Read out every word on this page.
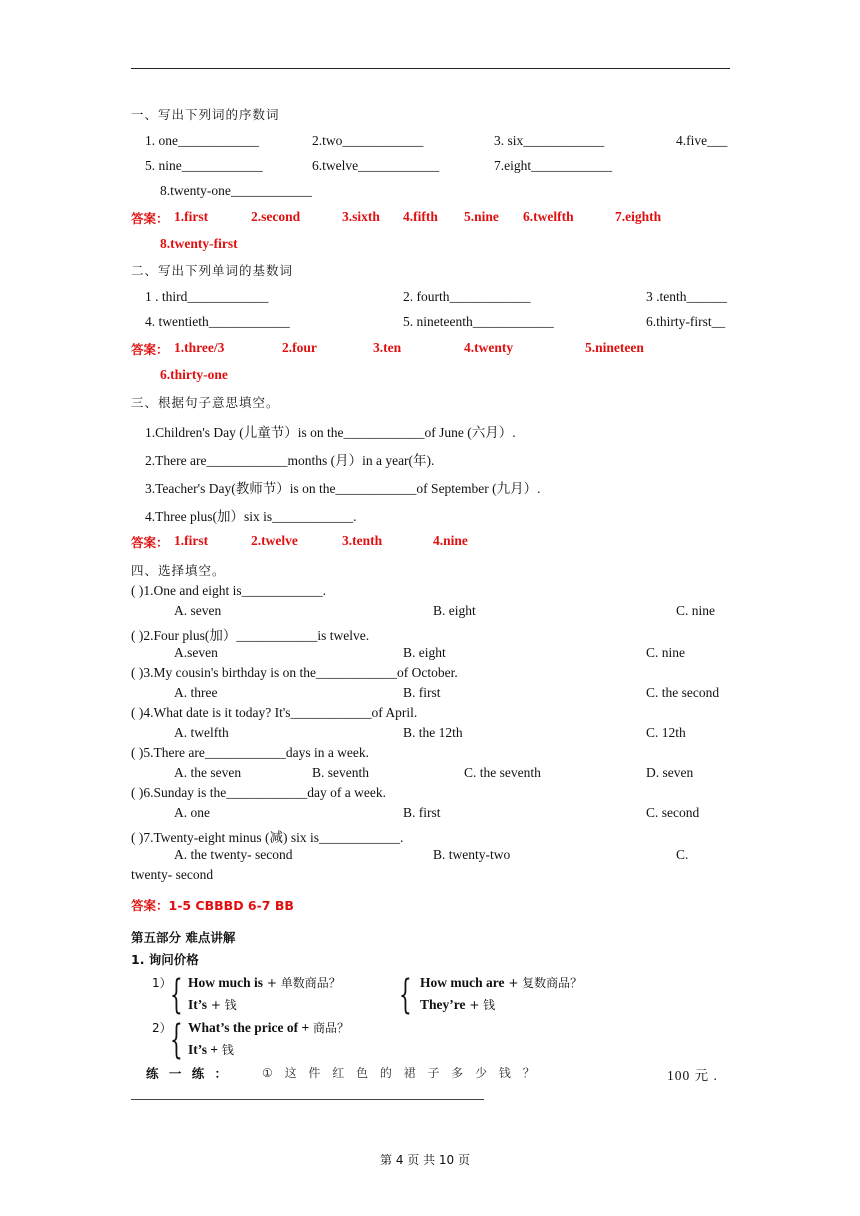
一、写出下列词的序数词
1. one____________	2.two____________	3. six____________	4.five___
5. nine____________	6.twelve____________	7.eight____________
8.twenty-one____________
答案： 1.first	2.second	3.sixth 4.fifth 5.nine 6.twelfth	7.eighth
8.twenty-first
二、写出下列单词的基数词
1 . third____________	2. fourth____________	3 .tenth______
4. twentieth____________	5. nineteenth____________	6.thirty-first__
答案： 1.three/3	2.four	3.ten	4.twenty	5.nineteen
6.thirty-one
三、根据句子意思填空。
1.Children's Day (儿童节）is on the____________of June (六月）.
2.There are____________months (月）in a year(年).
3.Teacher's Day(教师节）is on the____________of September (九月）.
4.Three plus(加）six is____________.
答案： 1.first	2.twelve	3.tenth	4.nine
四、选择填空。
( )1.One and eight is____________.
A. seven	B. eight	C. nine
( )2.Four plus(加）____________is twelve.
A.seven	B. eight	C. nine
( )3.My cousin's birthday is on the____________of October.
A. three	B. first	C. the second
( )4.What date is it today? It's____________of April.
A. twelfth	B. the 12th	C. 12th
( )5.There are____________days in a week.
A. the seven	B. seventh	C. the seventh	D. seven
( )6.Sunday is the____________day of a week.
A. one	B. first	C. second
( )7.Twenty-eight minus (减) six is____________.
A. the twenty- second	B. twenty-two	C.
twenty- second
答案：1-5 CBBBD 6-7 BB
第五部分 难点讲解
1. 询问价格
1）
{ How much is + 单数商品？
It’s + 钱	{ How much are + 复数商品？
They’re + 钱
2）
{ What’s the price of + 商品？
It’s + 钱
练 一 练 ：	① 这 件 红 色 的 裙 子 多 少 钱 ？	100 元 .
第 4 页 共 10 页
